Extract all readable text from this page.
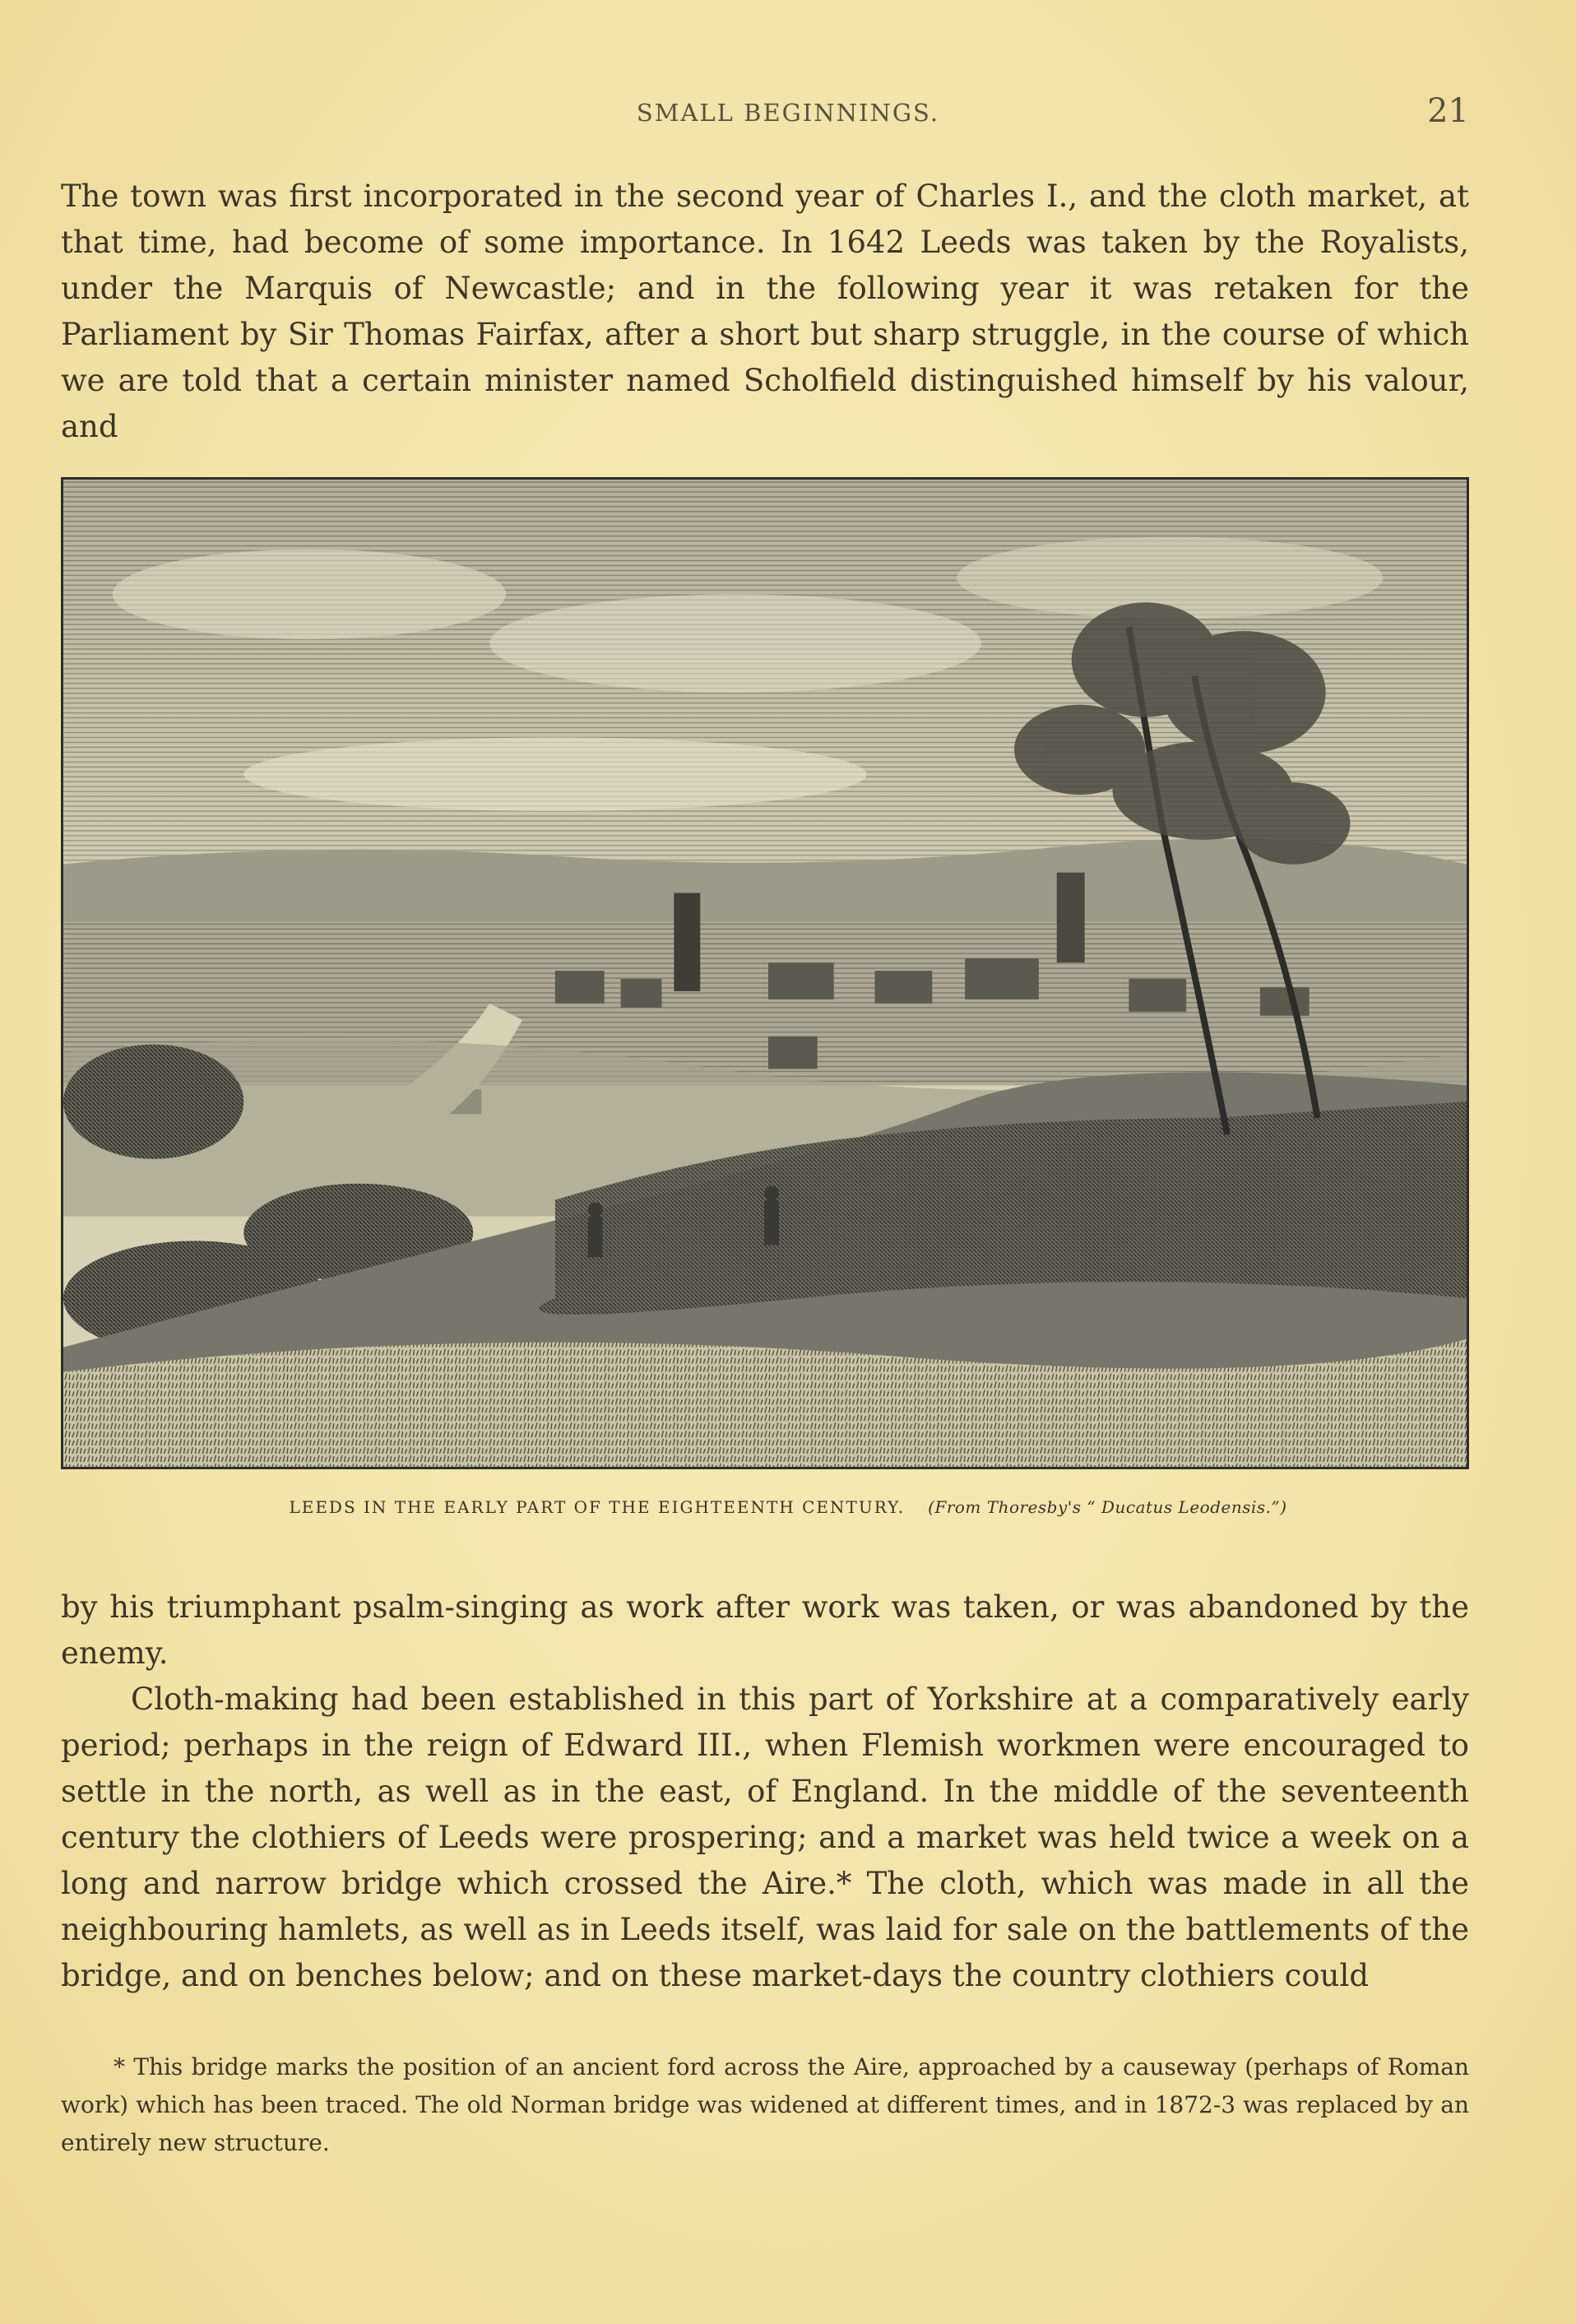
SMALL BEGINNINGS.	21

The town was first incorporated in the second year of Charles I., and the cloth market, at that time, had become of some importance. In 1642 Leeds was taken by the Royalists, under the Marquis of Newcastle; and in the following year it was retaken for the Parliament by Sir Thomas Fairfax, after a short but sharp struggle, in the course of which we are told that a certain minister named Scholfield distinguished himself by his valour, and

LEEDS IN THE EARLY PART OF THE EIGHTEENTH CENTURY. (From Thoresby's “ Ducatus Leodensis.”)

by his triumphant psalm-singing as work after work was taken, or was abandoned by the enemy.

Cloth-making had been established in this part of Yorkshire at a comparatively early period; perhaps in the reign of Edward III., when Flemish workmen were encouraged to settle in the north, as well as in the east, of England. In the middle of the seventeenth century the clothiers of Leeds were prospering; and a market was held twice a week on a long and narrow bridge which crossed the Aire.* The cloth, which was made in all the neighbouring hamlets, as well as in Leeds itself, was laid for sale on the battlements of the bridge, and on benches below; and on these market-days the country clothiers could

* This bridge marks the position of an ancient ford across the Aire, approached by a causeway (perhaps of Roman work) which has been traced. The old Norman bridge was widened at different times, and in 1872-3 was replaced by an entirely new structure.
